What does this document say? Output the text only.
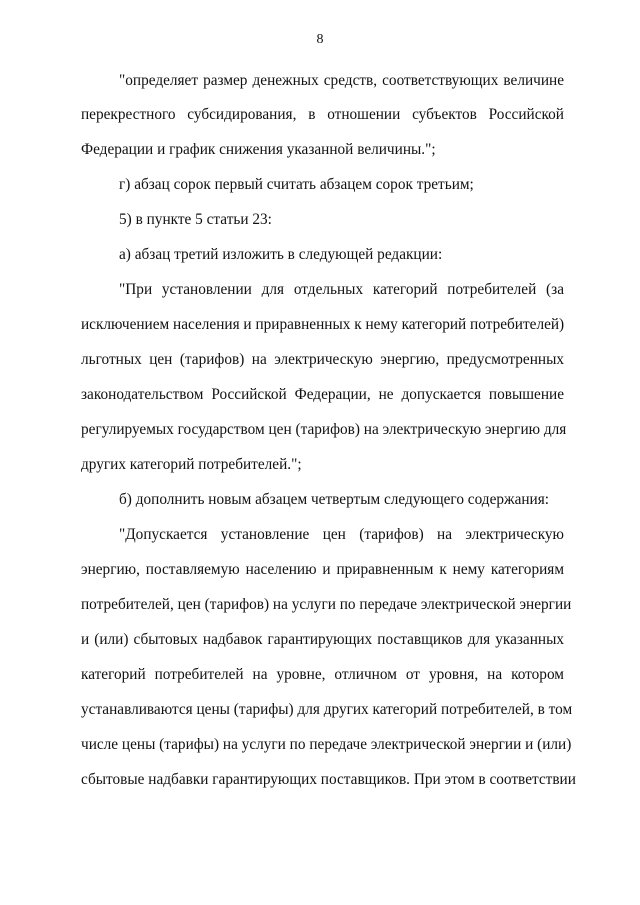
8
"определяет размер денежных средств, соответствующих величине
перекрестного субсидирования, в отношении субъектов Российской
Федерации и график снижения указанной величины.";
г) абзац сорок первый считать абзацем сорок третьим;
5) в пункте 5 статьи 23:
а) абзац третий изложить в следующей редакции:
"При установлении для отдельных категорий потребителей (за
исключением населения и приравненных к нему категорий потребителей)
льготных цен (тарифов) на электрическую энергию, предусмотренных
законодательством Российской Федерации, не допускается повышение
регулируемых государством цен (тарифов) на электрическую энергию для
других категорий потребителей.";
б) дополнить новым абзацем четвертым следующего содержания:
"Допускается установление цен (тарифов) на электрическую
энергию, поставляемую населению и приравненным к нему категориям
потребителей, цен (тарифов) на услуги по передаче электрической энергии
и (или) сбытовых надбавок гарантирующих поставщиков для указанных
категорий потребителей на уровне, отличном от уровня, на котором
устанавливаются цены (тарифы) для других категорий потребителей, в том
числе цены (тарифы) на услуги по передаче электрической энергии и (или)
сбытовые надбавки гарантирующих поставщиков. При этом в соответствии
